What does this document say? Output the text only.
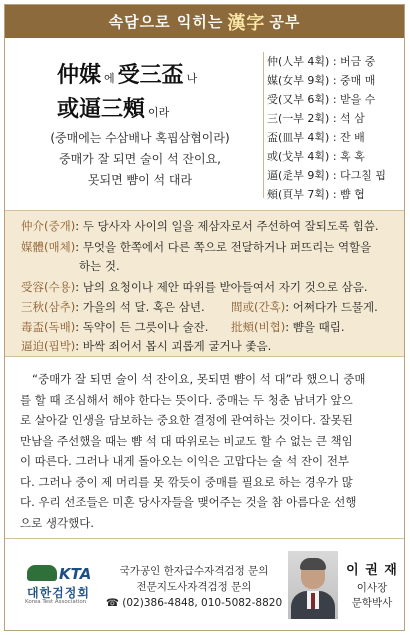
속담으로 익히는 漢字 공부
仲媒 에 受三盃 나
或逼三頰 이라
(중매에는 수삼배나 혹핍삼협이라)
중매가 잘 되면 술이 석 잔이요,
못되면 뺨이 석 대라
仲(人부 4획) : 버금 중
媒(女부 9획) : 중매 매
受(又부 6획) : 받을 수
三(一부 2획) : 석 삼
盃(皿부 4획) : 잔 배
或(戈부 4획) : 혹 혹
逼(辵부 9획) : 다그칠 핍
頰(頁부 7획) : 뺨 협
仲介(중개): 두 당사자 사이의 일을 제삼자로서 주선하여 잘되도록 힘씀.
媒體(매체): 무엇을 한쪽에서 다른 쪽으로 전달하거나 퍼뜨리는 역할을
하는 것.
受容(수용): 남의 요청이나 제안 따위를 받아들여서 자기 것으로 삼음.
三秋(삼추): 가을의 석 달. 혹은 삼년. 間或(간혹): 어쩌다가 드물게.
毒盃(독배): 독약이 든 그릇이나 술잔. 批頰(비협): 뺨을 때림.
逼迫(핍박): 바싹 죄어서 몹시 괴롭게 굴거나 좇음.
“중매가 잘 되면 술이 석 잔이요, 못되면 뺨이 석 대”라 했으니 중매
를 할 때 조심해서 해야 한다는 뜻이다. 중매는 두 청춘 남녀가 앞으
로 살아갈 인생을 담보하는 중요한 결정에 관여하는 것이다. 잘못된
만남을 주선했을 때는 뺨 석 대 따위로는 비교도 할 수 없는 큰 책임
이 따른다. 그러나 내게 돌아오는 이익은 고맙다는 술 석 잔이 전부
다. 그러나 중이 제 머리를 못 깎듯이 중매를 필요로 하는 경우가 많
다. 우리 선조들은 미혼 당사자들을 맺어주는 것을 참 아름다운 선행
으로 생각했다.
KTA
대한검정회
Korea Test Association
국가공인 한자급수자격검정 문의
전문지도사자격검정 문의
☎ (02)386-4848, 010-5082-8820
이 권 재
이사장
문학박사
